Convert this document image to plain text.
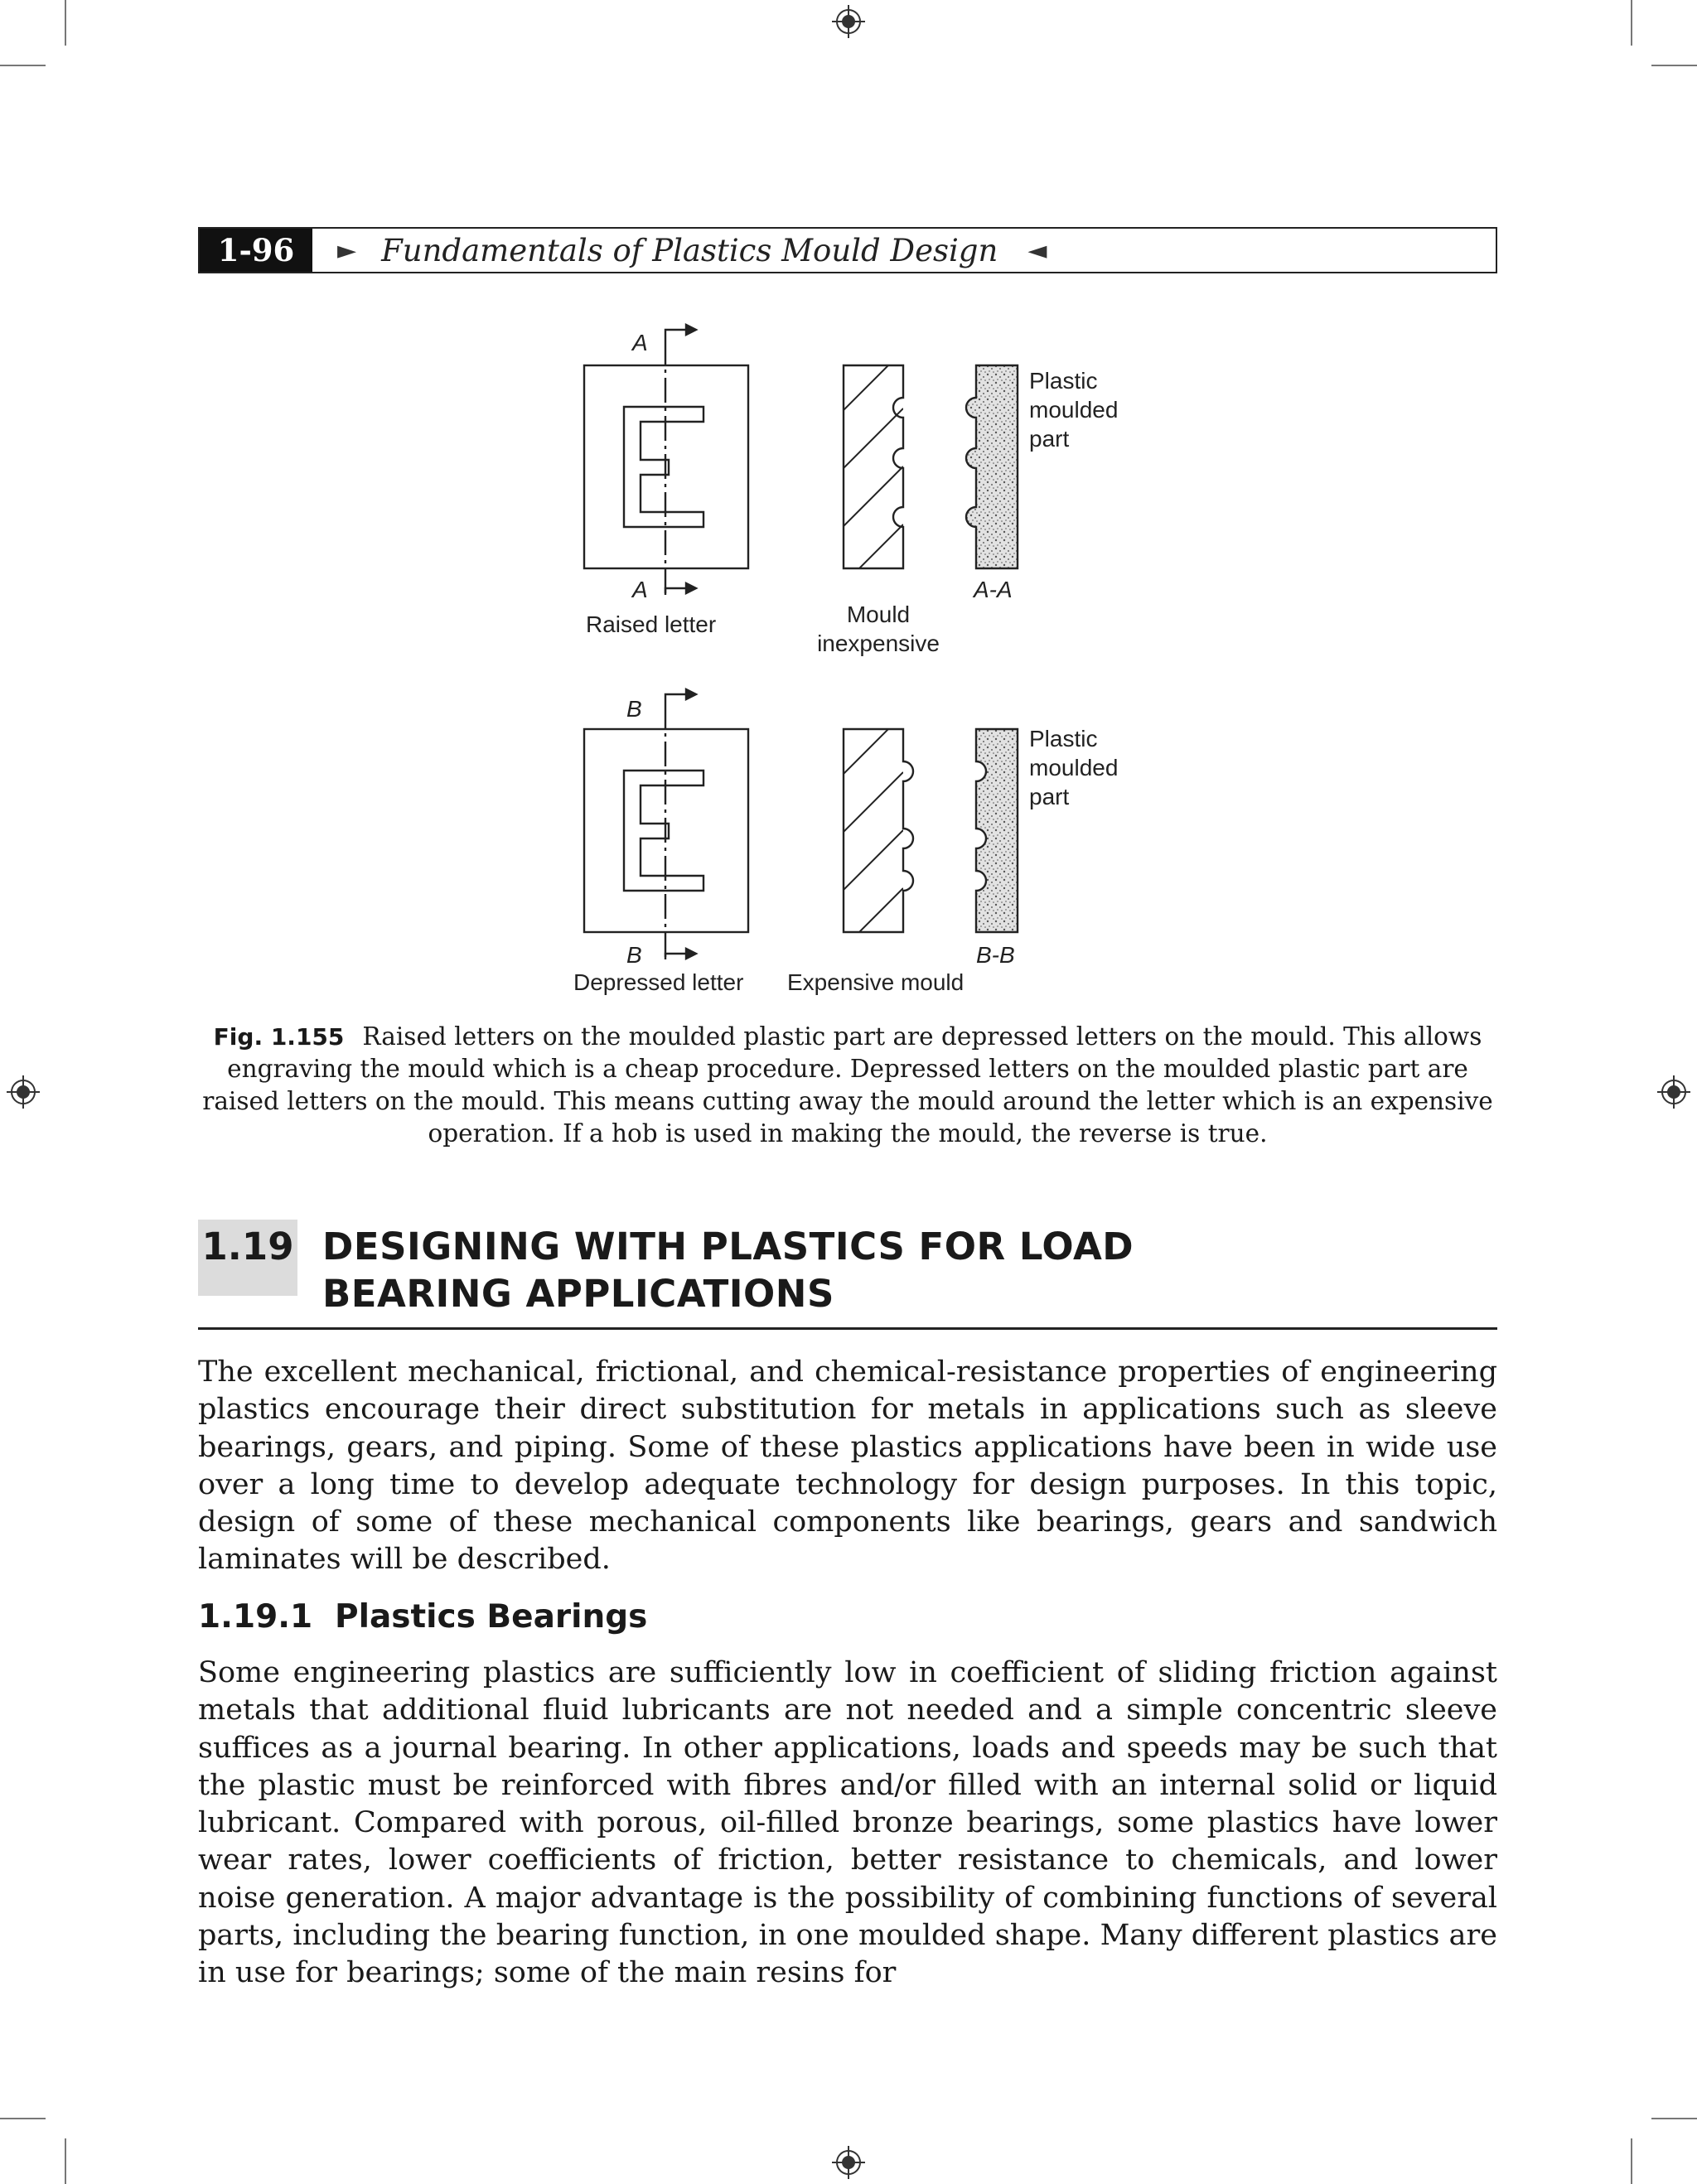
1-96	► Fundamentals of Plastics Mould Design ◄
A
A
Raised letter	Mould
inexpensive
A-A
Plastic
moulded
part
B
B
Depressed letter Expensive mould
B-B
Plastic
moulded
part
Fig. 1.155 Raised letters on the moulded plastic part are depressed letters on the mould. This allows engraving the mould which is a cheap procedure. Depressed letters on the moulded plastic part are raised letters on the mould. This means cutting away the mould around the letter which is an expensive operation. If a hob is used in making the mould, the reverse is true.
1.19 DESIGNING WITH PLASTICS FOR LOAD BEARING APPLICATIONS

The excellent mechanical, frictional, and chemical-resistance properties of engineering plastics encourage their direct substitution for metals in applications such as sleeve bearings, gears, and piping. Some of these plastics applications have been in wide use over a long time to develop adequate technology for design purposes. In this topic, design of some of these mechanical components like bearings, gears and sandwich laminates will be described.

1.19.1 Plastics Bearings

Some engineering plastics are sufficiently low in coefficient of sliding friction against metals that additional fluid lubricants are not needed and a simple concentric sleeve suffices as a journal bearing. In other applications, loads and speeds may be such that the plastic must be reinforced with fibres and/or filled with an internal solid or liquid lubricant. Compared with porous, oil-filled bronze bearings, some plastics have lower wear rates, lower coefficients of friction, better resistance to chemicals, and lower noise generation. A major advantage is the possibility of combining functions of several parts, including the bearing function, in one moulded shape. Many different plastics are in use for bearings; some of the main resins for
